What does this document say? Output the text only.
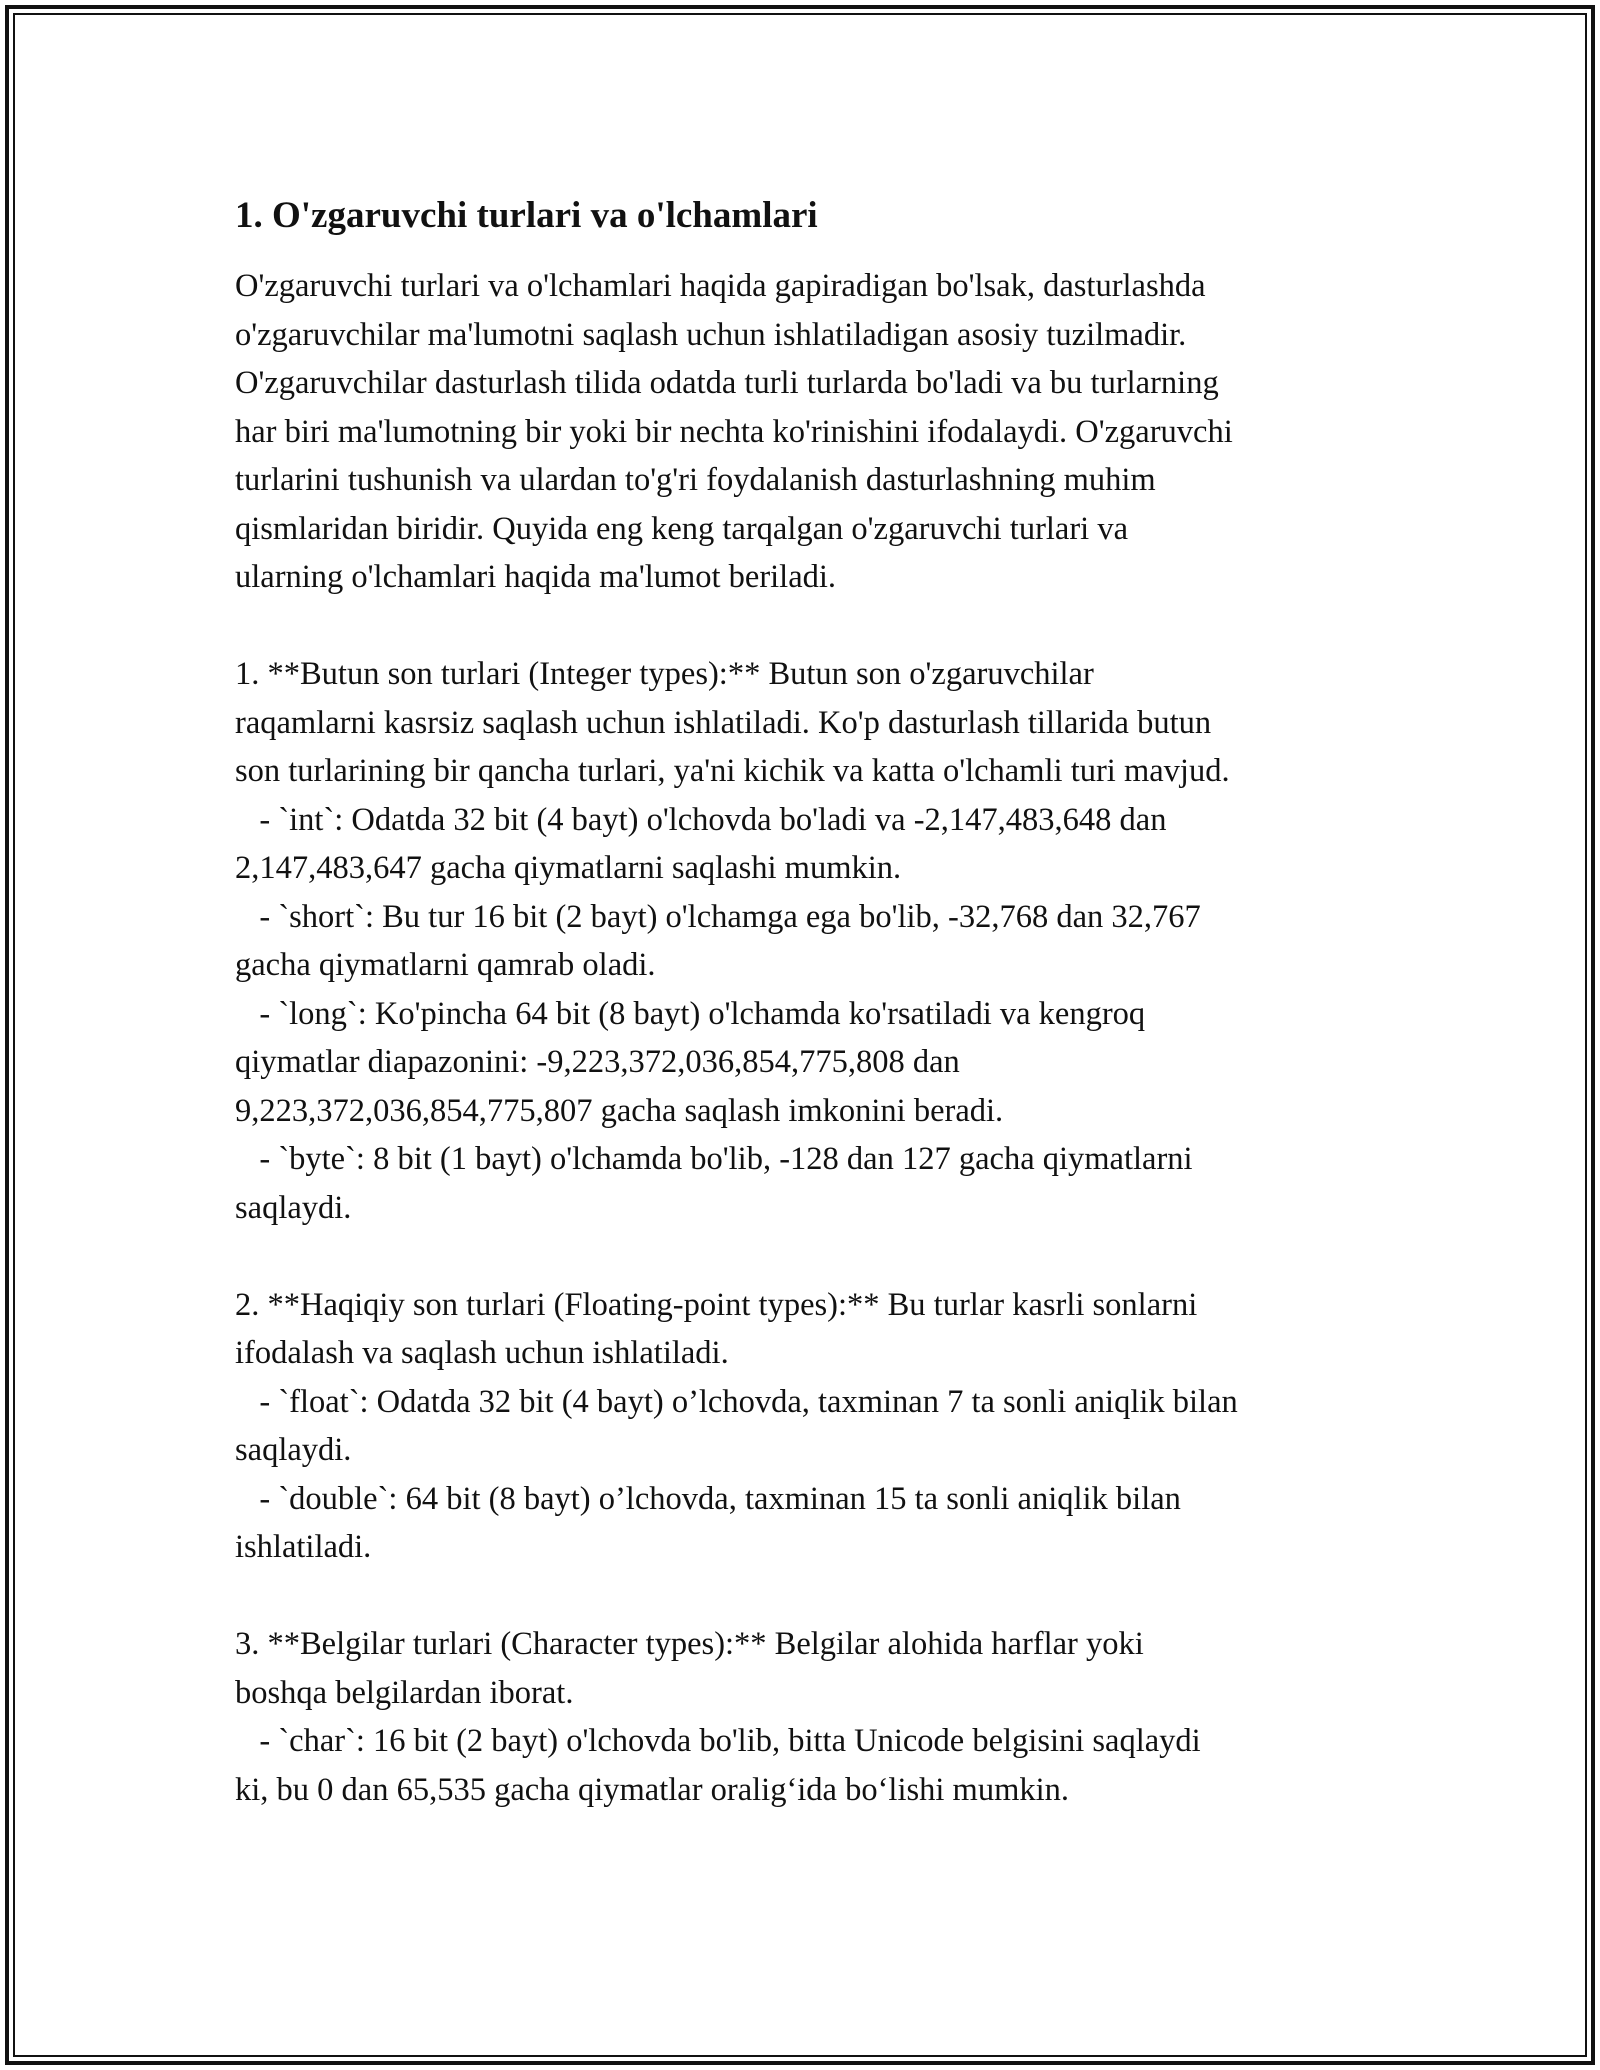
1. O'zgaruvchi turlari va o'lchamlari

O'zgaruvchi turlari va o'lchamlari haqida gapiradigan bo'lsak, dasturlashda

o'zgaruvchilar ma'lumotni saqlash uchun ishlatiladigan asosiy tuzilmadir.

O'zgaruvchilar dasturlash tilida odatda turli turlarda bo'ladi va bu turlarning

har biri ma'lumotning bir yoki bir nechta ko'rinishini ifodalaydi. O'zgaruvchi

turlarini tushunish va ulardan to'g'ri foydalanish dasturlashning muhim

qismlaridan biridir. Quyida eng keng tarqalgan o'zgaruvchi turlari va

ularning o'lchamlari haqida ma'lumot beriladi.

1. **Butun son turlari (Integer types):** Butun son o'zgaruvchilar

raqamlarni kasrsiz saqlash uchun ishlatiladi. Ko'p dasturlash tillarida butun

son turlarining bir qancha turlari, ya'ni kichik va katta o'lchamli turi mavjud.

- `int`: Odatda 32 bit (4 bayt) o'lchovda bo'ladi va -2,147,483,648 dan

2,147,483,647 gacha qiymatlarni saqlashi mumkin.

- `short`: Bu tur 16 bit (2 bayt) o'lchamga ega bo'lib, -32,768 dan 32,767

gacha qiymatlarni qamrab oladi.

- `long`: Ko'pincha 64 bit (8 bayt) o'lchamda ko'rsatiladi va kengroq

qiymatlar diapazonini: -9,223,372,036,854,775,808 dan

9,223,372,036,854,775,807 gacha saqlash imkonini beradi.

- `byte`: 8 bit (1 bayt) o'lchamda bo'lib, -128 dan 127 gacha qiymatlarni

saqlaydi.

2. **Haqiqiy son turlari (Floating-point types):** Bu turlar kasrli sonlarni

ifodalash va saqlash uchun ishlatiladi.

- `float`: Odatda 32 bit (4 bayt) o’lchovda, taxminan 7 ta sonli aniqlik bilan

saqlaydi.

- `double`: 64 bit (8 bayt) o’lchovda, taxminan 15 ta sonli aniqlik bilan

ishlatiladi.

3. **Belgilar turlari (Character types):** Belgilar alohida harflar yoki

boshqa belgilardan iborat.

- `char`: 16 bit (2 bayt) o'lchovda bo'lib, bitta Unicode belgisini saqlaydi

ki, bu 0 dan 65,535 gacha qiymatlar oralig‘ida bo‘lishi mumkin.
